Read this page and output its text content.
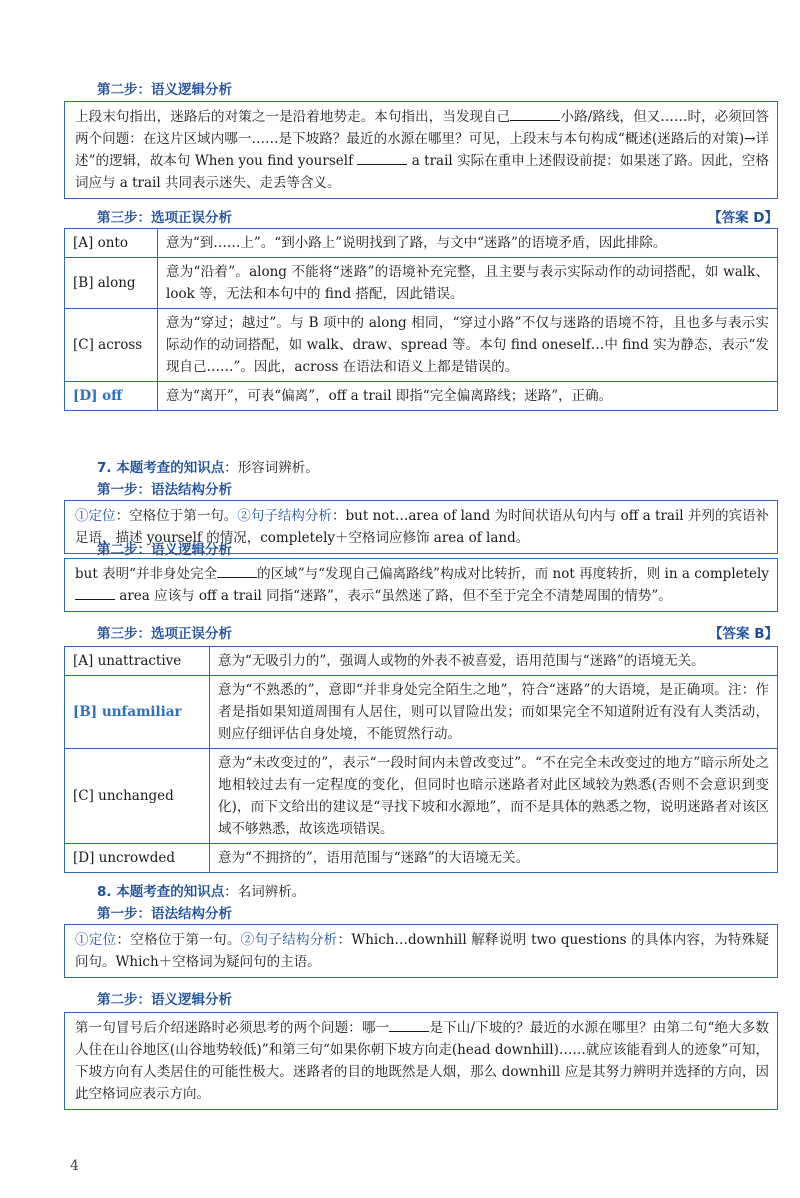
第二步：语义逻辑分析
上段末句指出，迷路后的对策之一是沿着地势走。本句指出，当发现自己	小路/路线，但又……时，必须回答两个问题：在这片区域内哪一……是下坡路？最近的水源在哪里？可见，上段末与本句构成“概述(迷路后的对策)→详述”的逻辑，故本句 When you find yourself	a trail 实际在重申上述假设前提：如果迷了路。因此，空格词应与 a trail 共同表示迷失、走丢等含义。
第三步：选项正误分析	【答案 D】
[A] onto	意为“到……上”。“到小路上”说明找到了路，与文中“迷路”的语境矛盾，因此排除。
[B] along	意为“沿着”。along 不能将“迷路”的语境补充完整，且主要与表示实际动作的动词搭配，如 walk、look 等，无法和本句中的 find 搭配，因此错误。
[C] across	意为“穿过；越过”。与 B 项中的 along 相同，“穿过小路”不仅与迷路的语境不符，且也多与表示实际动作的动词搭配，如 walk、draw、spread 等。本句 find oneself…中 find 实为静态，表示“发现自己……”。因此，across 在语法和语义上都是错误的。
[D] off	意为“离开”，可表“偏离”，off a trail 即指“完全偏离路线；迷路”，正确。
7. 本题考查的知识点：形容词辨析。
第一步：语法结构分析
①定位：空格位于第一句。②句子结构分析：but not…area of land 为时间状语从句内与 off a trail 并列的宾语补足语，描述 yourself 的情况，completely＋空格词应修饰 area of land。
第二步：语义逻辑分析
but 表明“并非身处完全	的区域”与“发现自己偏离路线”构成对比转折，而 not 再度转折，则 in a completely  area 应该与 off a trail 同指“迷路”，表示“虽然迷了路，但不至于完全不清楚周围的情势”。
第三步：选项正误分析	【答案 B】
[A] unattractive	意为“无吸引力的”，强调人或物的外表不被喜爱，语用范围与“迷路”的语境无关。
[B] unfamiliar	意为“不熟悉的”，意即“并非身处完全陌生之地”，符合“迷路”的大语境，是正确项。注：作者是指如果知道周围有人居住，则可以冒险出发；而如果完全不知道附近有没有人类活动，则应仔细评估自身处境，不能贸然行动。
[C] unchanged	意为“未改变过的”，表示“一段时间内未曾改变过”。“不在完全未改变过的地方”暗示所处之地相较过去有一定程度的变化，但同时也暗示迷路者对此区域较为熟悉(否则不会意识到变化)，而下文给出的建议是“寻找下坡和水源地”，而不是具体的熟悉之物，说明迷路者对该区域不够熟悉，故该选项错误。
[D] uncrowded	意为“不拥挤的”，语用范围与“迷路”的大语境无关。
8. 本题考查的知识点：名词辨析。
第一步：语法结构分析
①定位：空格位于第一句。②句子结构分析：Which…downhill 解释说明 two questions 的具体内容，为特殊疑问句。Which＋空格词为疑问句的主语。
第二步：语义逻辑分析
第一句冒号后介绍迷路时必须思考的两个问题：哪一	是下山/下坡的？最近的水源在哪里？由第二句“绝大多数人住在山谷地区(山谷地势较低)”和第三句“如果你朝下坡方向走(head downhill)……就应该能看到人的迹象”可知，下坡方向有人类居住的可能性极大。迷路者的目的地既然是人烟，那么 downhill 应是其努力辨明并选择的方向，因此空格词应表示方向。
4
